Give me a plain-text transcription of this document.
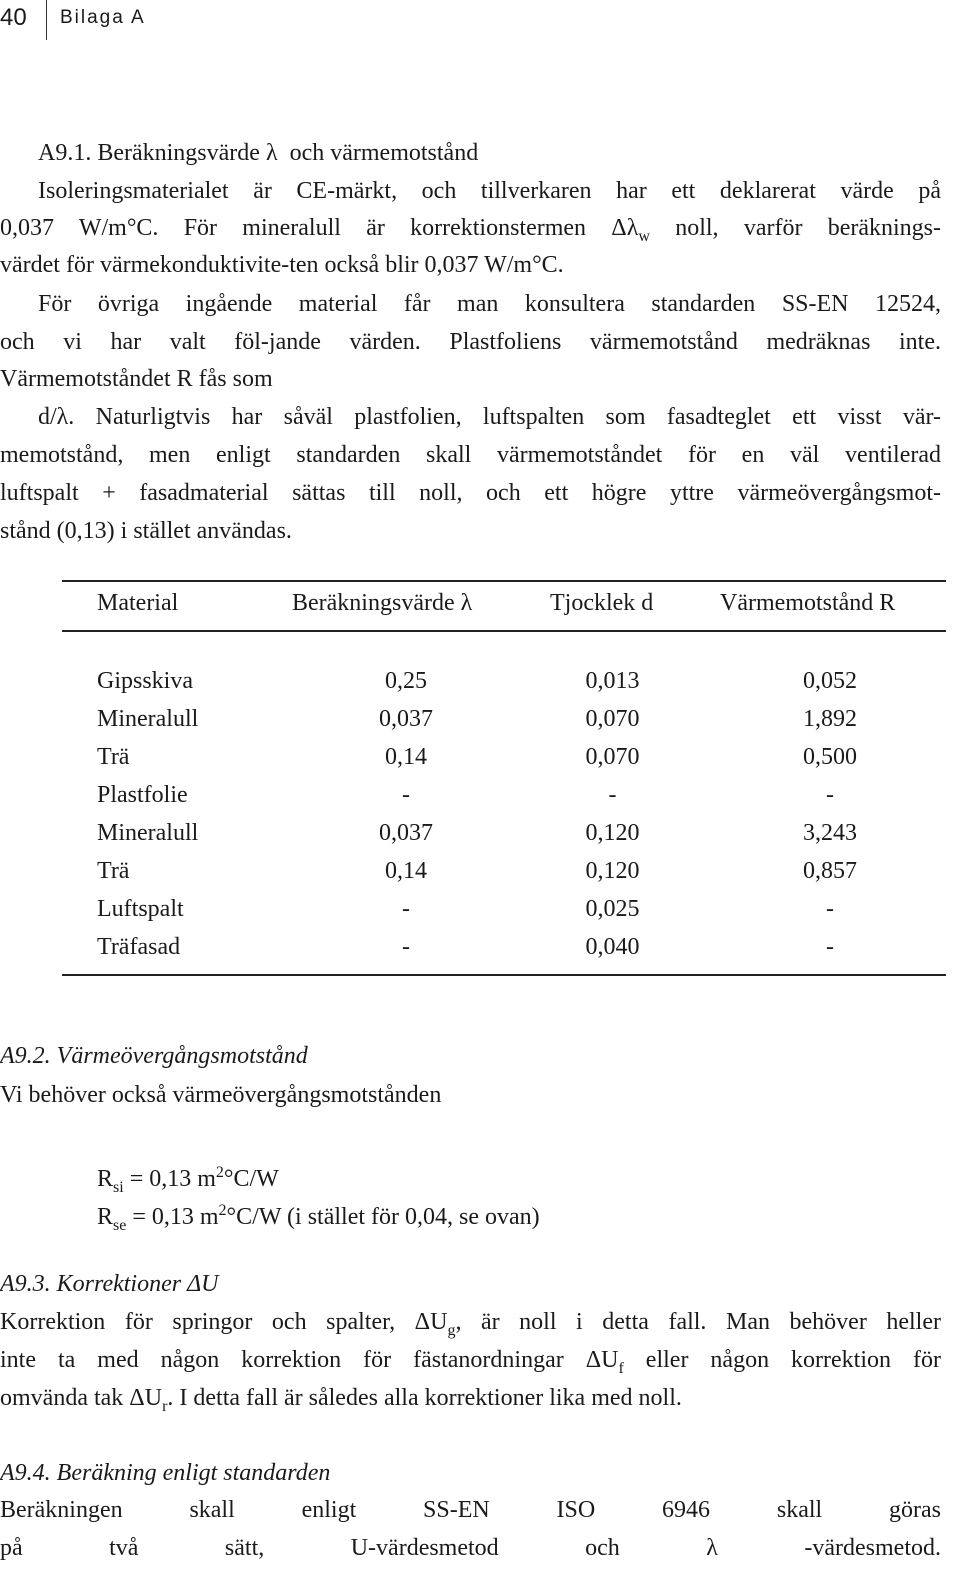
40 Bilaga A
A9.1. Beräkningsvärde λ och värmemotstånd
Isoleringsmaterialet är CE-märkt, och tillverkaren har ett deklarerat värde på
0,037 W/m°C. För mineralull är korrektionstermen $\Delta\lambda_w$ noll, varför beräknings-
värdet för värmekonduktivite-ten också blir 0,037 W/m°C.
För övriga ingående material får man konsultera standarden SS-EN 12524,
och vi har valt föl-jande värden. Plastfoliens värmemotstånd medräknas inte.
Värmemotståndet R fås som
d/λ. Naturligtvis har såväl plastfolien, luftspalten som fasadteglet ett visst vär-
memotstånd, men enligt standarden skall värmemotståndet för en väl ventilerad
luftspalt + fasadmaterial sättas till noll, och ett högre yttre värmeövergångsmot-
stånd (0,13) i stället användas.
Material	Beräkningsvärde λ	Tjocklek d	Värmemotstånd R
Gipsskiva	0,25	0,013	0,052
Mineralull	0,037	0,070	1,892
Trä	0,14	0,070	0,500
Plastfolie	-	-	-
Mineralull	0,037	0,120	3,243
Trä	0,14	0,120	0,857
Luftspalt	-	0,025	-
Träfasad	-	0,040	-
A9.2. Värmeövergångsmotstånd
Vi behöver också värmeövergångsmotstånden
$R_{si} = 0,13$ $m^2^\circ C/W$
$R_{se} = 0,13$ $m^2^\circ C/W$ (i stället för 0,04, se ovan)
A9.3. Korrektioner ΔU
Korrektion för springor och spalter, $\Delta U_g$, är noll i detta fall. Man behöver heller
inte ta med någon korrektion för fästanordningar $\Delta U_f$ eller någon korrektion för
omvända tak $\Delta U_r$. I detta fall är således alla korrektioner lika med noll.
A9.4. Beräkning enligt standarden
Beräkningen skall enligt SS-EN ISO 6946 skall göras
på två sätt, U-värdesmetod och λ -värdesmetod.
